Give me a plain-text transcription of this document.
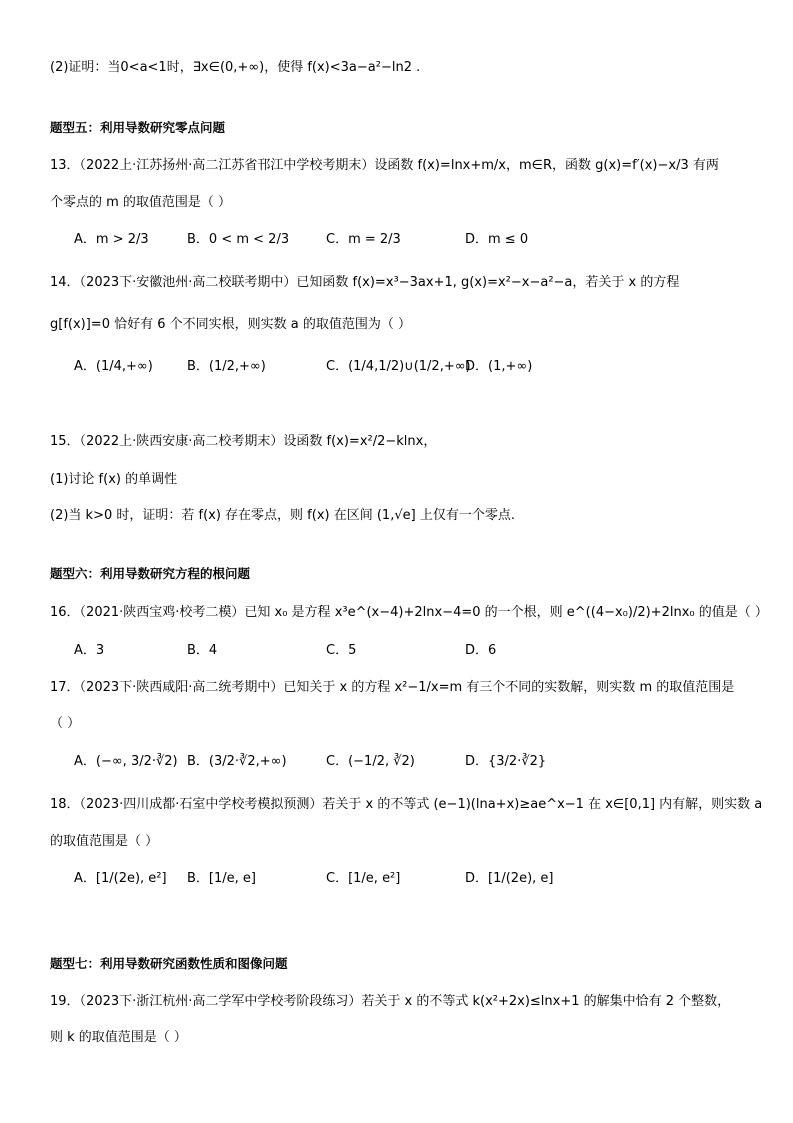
(2)证明：当0<a<1时，∃x∈(0,+∞)，使得 f(x)<3a−a²−ln2 .
题型五：利用导数研究零点问题
13．（2022上·江苏扬州·高二江苏省邗江中学校考期末）设函数 f(x)=lnx+m/x，m∈R，函数 g(x)=f′(x)−x/3 有两
个零点的 m 的取值范围是（ ）
A．m > 2/3	B．0 < m < 2/3	C．m = 2/3	D．m ≤ 0
14．（2023下·安徽池州·高二校联考期中）已知函数 f(x)=x³−3ax+1, g(x)=x²−x−a²−a，若关于 x 的方程
g[f(x)]=0 恰好有 6 个不同实根，则实数 a 的取值范围为（ ）
A．(1/4,+∞)	B．(1/2,+∞)	C．(1/4,1/2)∪(1/2,+∞)
D．(1,+∞)
15．（2022上·陕西安康·高二校考期末）设函数 f(x)=x²/2−klnx，
(1)讨论 f(x) 的单调性
(2)当 k>0 时，证明：若 f(x) 存在零点，则 f(x) 在区间 (1,√e] 上仅有一个零点.
题型六：利用导数研究方程的根问题
16．（2021·陕西宝鸡·校考二模）已知 x₀ 是方程 x³e^(x−4)+2lnx−4=0 的一个根，则 e^((4−x₀)/2)+2lnx₀ 的值是（ ）
A．3	B．4	C．5	D．6
17．（2023下·陕西咸阳·高二统考期中）已知关于 x 的方程 x²−1/x=m 有三个不同的实数解，则实数 m 的取值范围是
（ ）
A．(−∞, 3/2·∛2) B．(3/2·∛2,+∞)	C．(−1/2, ∛2)	D．{3/2·∛2}
18．（2023·四川成都·石室中学校考模拟预测）若关于 x 的不等式 (e−1)(lna+x)≥ae^x−1 在 x∈[0,1] 内有解，则实数 a
的取值范围是（ ）
A．[1/(2e), e²] B．[1/e, e]	C．[1/e, e²]	D．[1/(2e), e]
题型七：利用导数研究函数性质和图像问题
19．（2023下·浙江杭州·高二学军中学校考阶段练习）若关于 x 的不等式 k(x²+2x)≤lnx+1 的解集中恰有 2 个整数，
则 k 的取值范围是（ ）
